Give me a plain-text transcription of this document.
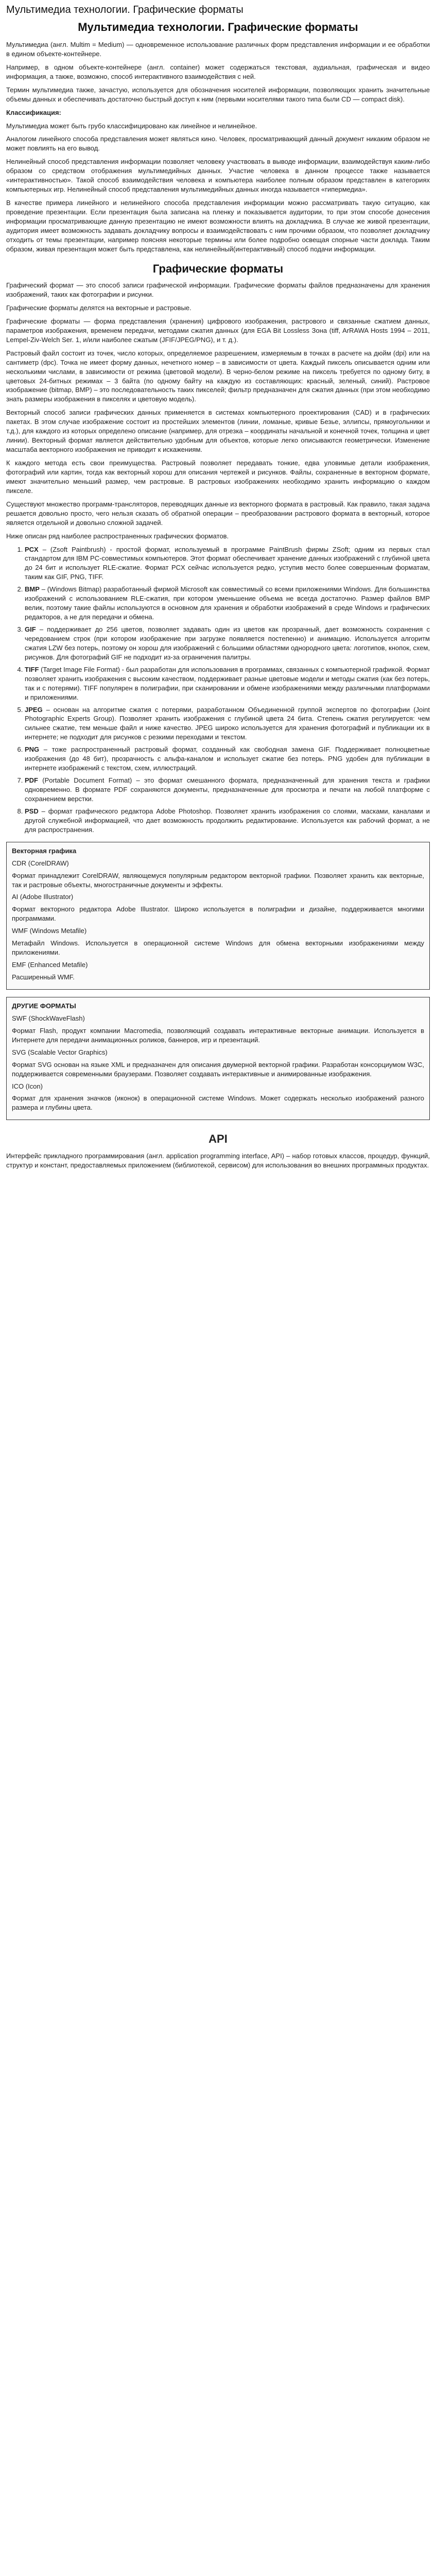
Мультимедиа технологии. Графические форматы
Мультимедиа технологии. Графические форматы

Мультимедиа (англ. Multim = Medium) — одновременное использование различных форм представления информации и ее обработки в едином объекте-контейнере.

Например, в одном объекте-контейнере (англ. container) может содержаться текстовая, аудиальная, графическая и видео информация, а также, возможно, способ интерактивного взаимодействия с ней.

Термин мультимедиа также, зачастую, используется для обозначения носителей информации, позволяющих хранить значительные объемы данных и обеспечивать достаточно быстрый доступ к ним (первыми носителями такого типа были CD — compact disk).

Классификация:

Мультимедиа может быть грубо классифицировано как линейное и нелинейное.

Аналогом линейного способа представления может являться кино. Человек, просматривающий данный документ никаким образом не может повлиять на его вывод.

Нелинейный способ представления информации позволяет человеку участвовать в выводе информации, взаимодействуя каким-либо образом со средством отображения мультимедийных данных. Участие человека в данном процессе также называется «интерактивностью». Такой способ взаимодействия человека и компьютера наиболее полным образом представлен в категориях компьютерных игр. Нелинейный способ представления мультимедийных данных иногда называется «гипермедиа».

В качестве примера линейного и нелинейного способа представления информации можно рассматривать такую ситуацию, как проведение презентации. Если презентация была записана на пленку и показывается аудитории, то при этом способе донесения информации просматривающие данную презентацию не имеют возможности влиять на докладчика. В случае же живой презентации, аудитория имеет возможность задавать докладчику вопросы и взаимодействовать с ним прочими образом, что позволяет докладчику отходить от темы презентации, например поясняя некоторые термины или более подробно освещая спорные части доклада. Таким образом, живая презентация может быть представлена, как нелинейный(интерактивный) способ подачи информации.

Графические форматы

Графический формат — это способ записи графической информации. Графические форматы файлов предназначены для хранения изображений, таких как фотографии и рисунки.

Графические форматы делятся на векторные и растровые.

Графические форматы — форма представления (хранения) цифрового изображения, растрового и связанные сжатием данных, параметров изображения, временем передачи, методами сжатия данных (для EGA Bit Lossless Зона (tiff, ArRAWA Hosts 1994 – 2011, Lempel-Ziv-Welch Ser. 1, и/или наиболее сжатым (JFIF/JPEG/PNG), и т. д.).

Растровый файл состоит из точек, число которых, определяемое разрешением, измеряемым в точках в расчете на дюйм (dpi) или на сантиметр (dpc). Точка не имеет форму данных, нечетного номер – в зависимости от цвета. Каждый пиксель описывается одним или несколькими числами, в зависимости от режима (цветовой модели). В черно-белом режиме на пиксель требуется по одному биту, в цветовых 24-битных режимах – 3 байта (по одному байту на каждую из составляющих: красный, зеленый, синий). Растровое изображение (bitmap, BMP) – это последовательность таких пикселей; фильтр предназначен для сжатия данных (при этом необходимо знать размеры изображения в пикселях и цветовую модель).

Векторный способ записи графических данных применяется в системах компьютерного проектирования (CAD) и в графических пакетах. В этом случае изображение состоит из простейших элементов (линии, ломаные, кривые Безье, эллипсы, прямоугольники и т.д.), для каждого из которых определено описание (например, для отрезка – координаты начальной и конечной точек, толщина и цвет линии). Векторный формат является действительно удобным для объектов, которые легко описываются геометрически. Изменение масштаба векторного изображения не приводит к искажениям.

К каждого метода есть свои преимущества. Растровый позволяет передавать тонкие, едва уловимые детали изображения, фотографий или картин, тогда как векторный хорош для описания чертежей и рисунков. Файлы, сохраненные в векторном формате, имеют значительно меньший размер, чем растровые. В растровых изображениях необходимо хранить информацию о каждом пикселе.

Существуют множество программ-трансляторов, переводящих данные из векторного формата в растровый. Как правило, такая задача решается довольно просто, чего нельзя сказать об обратной операции – преобразовании растрового формата в векторный, которое является отдельной и довольно сложной задачей.

Ниже описан ряд наиболее распространенных графических форматов.

1. PCX – (Zsoft Paintbrush) - простой формат, используемый в программе PaintBrush фирмы ZSoft; одним из первых стал стандартом для IBM PC-совместимых компьютеров. Этот формат обеспечивает хранение данных изображений с глубиной цвета до 24 бит и использует RLE-сжатие. Формат PCX сейчас используется редко, уступив место более совершенным форматам, таким как GIF, PNG, TIFF.
2. BMP – (Windows Bitmap) разработанный фирмой Microsoft как совместимый со всеми приложениями Windows. Для большинства изображений с использованием RLE-сжатия, при котором уменьшение объема не всегда достаточно. Размер файлов BMP велик, поэтому такие файлы используются в основном для хранения и обработки изображений в среде Windows и графических редакторов, а не для передачи и обмена.
3. GIF – поддерживает до 256 цветов, позволяет задавать один из цветов как прозрачный, дает возможность сохранения с чередованием строк (при котором изображение при загрузке появляется постепенно) и анимацию. Используется алгоритм сжатия LZW без потерь, поэтому он хорош для изображений с большими областями однородного цвета: логотипов, кнопок, схем, рисунков. Для фотографий GIF не подходит из-за ограничения палитры.
4. TIFF (Target Image File Format) - был разработан для использования в программах, связанных с компьютерной графикой. Формат позволяет хранить изображения с высоким качеством, поддерживает разные цветовые модели и методы сжатия (как без потерь, так и с потерями). TIFF популярен в полиграфии, при сканировании и обмене изображениями между различными платформами и приложениями.
5. JPEG – основан на алгоритме сжатия с потерями, разработанном Объединенной группой экспертов по фотографии (Joint Photographic Experts Group). Позволяет хранить изображения с глубиной цвета 24 бита. Степень сжатия регулируется: чем сильнее сжатие, тем меньше файл и ниже качество. JPEG широко используется для хранения фотографий и публикации их в интернете; не подходит для рисунков с резкими переходами и текстом.
6. PNG – тоже распространенный растровый формат, созданный как свободная замена GIF. Поддерживает полноцветные изображения (до 48 бит), прозрачность с альфа-каналом и использует сжатие без потерь. PNG удобен для публикации в интернете изображений с текстом, схем, иллюстраций.
7. PDF (Portable Document Format) – это формат смешанного формата, предназначенный для хранения текста и графики одновременно. В формате PDF сохраняются документы, предназначенные для просмотра и печати на любой платформе с сохранением верстки.
8. PSD – формат графического редактора Adobe Photoshop. Позволяет хранить изображения со слоями, масками, каналами и другой служебной информацией, что дает возможность продолжить редактирование. Используется как рабочий формат, а не для распространения.
Векторная графика

CDR (CorelDRAW)

Формат принадлежит CorelDRAW, являющемуся популярным редактором векторной графики. Позволяет хранить как векторные, так и растровые объекты, многостраничные документы и эффекты.

AI (Adobe Illustrator)

Формат векторного редактора Adobe Illustrator. Широко используется в полиграфии и дизайне, поддерживается многими программами.

WMF (Windows Metafile)

Метафайл Windows. Используется в операционной системе Windows для обмена векторными изображениями между приложениями.

EMF (Enhanced Metafile)

Расширенный WMF.

ДРУГИЕ ФОРМАТЫ

SWF (ShockWaveFlash)

Формат Flash, продукт компании Macromedia, позволяющий создавать интерактивные векторные анимации. Используется в Интернете для передачи анимационных роликов, баннеров, игр и презентаций.

SVG (Scalable Vector Graphics)

Формат SVG основан на языке XML и предназначен для описания двумерной векторной графики. Разработан консорциумом W3C, поддерживается современными браузерами. Позволяет создавать интерактивные и анимированные изображения.

ICO (Icon)

Формат для хранения значков (иконок) в операционной системе Windows. Может содержать несколько изображений разного размера и глубины цвета.

API

Интерфейс прикладного программирования (англ. application programming interface, API) – набор готовых классов, процедур, функций, структур и констант, предоставляемых приложением (библиотекой, сервисом) для использования во внешних программных продуктах.
